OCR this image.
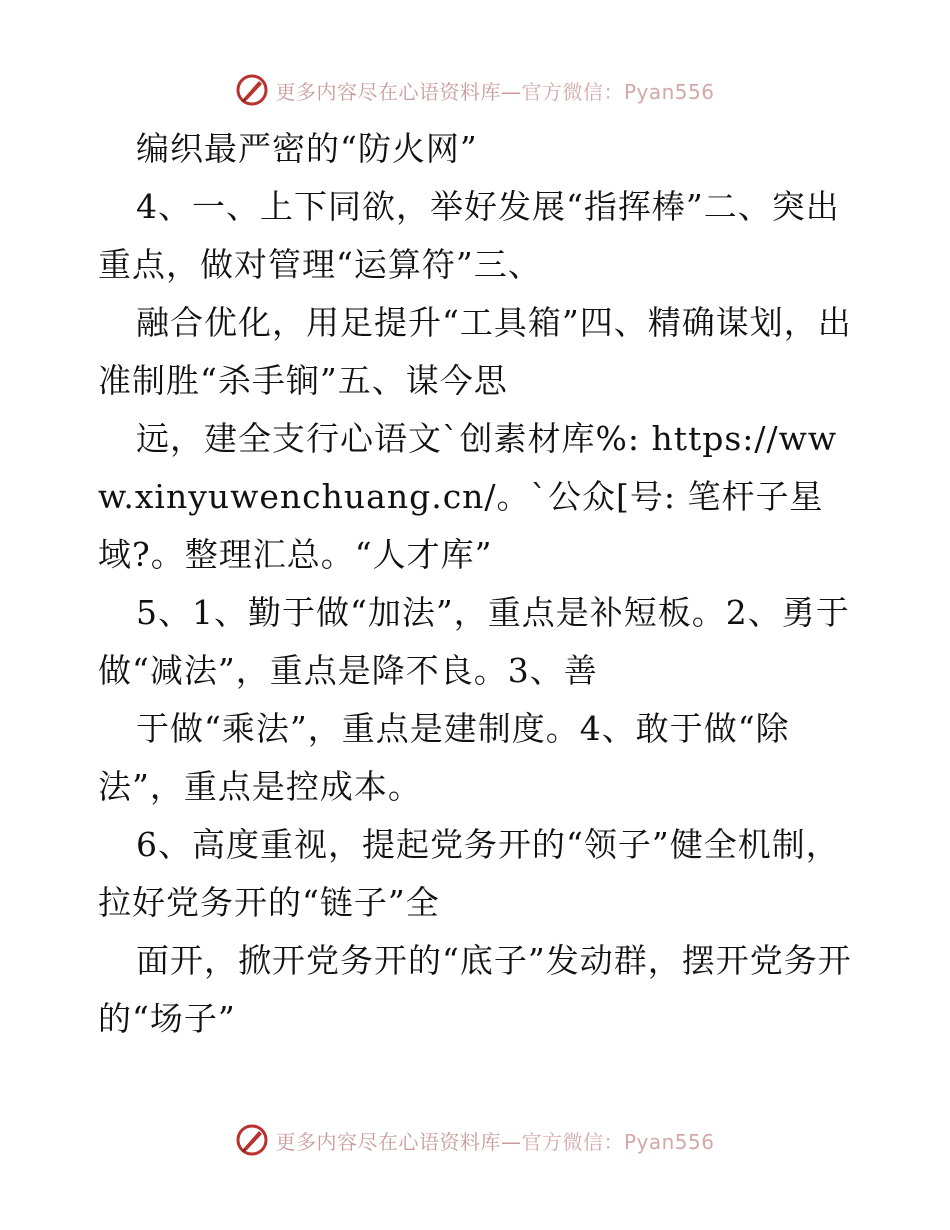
更多内容尽在心语资料库—官方微信：Pyan556

编织最严密的“防火网”

4、一、上下同欲，举好发展“指挥棒”二、突出重点，做对管理“运算符”三、

融合优化，用足提升“工具箱”四、精确谋划，出准制胜“杀手锏”五、谋今思

远，建全支行心语文`创素材库%: https://www.xinyuwenchuang.cn/。`公众[号: 笔杆子星域?。整理汇总。“人才库”

5、1、勤于做“加法”，重点是补短板。2、勇于做“减法”，重点是降不良。3、善

于做“乘法”，重点是建制度。4、敢于做“除法”，重点是控成本。

6、高度重视，提起党务开的“领子”健全机制，拉好党务开的“链子”全

面开，掀开党务开的“底子”发动群，摆开党务开的“场子”

更多内容尽在心语资料库—官方微信：Pyan556
